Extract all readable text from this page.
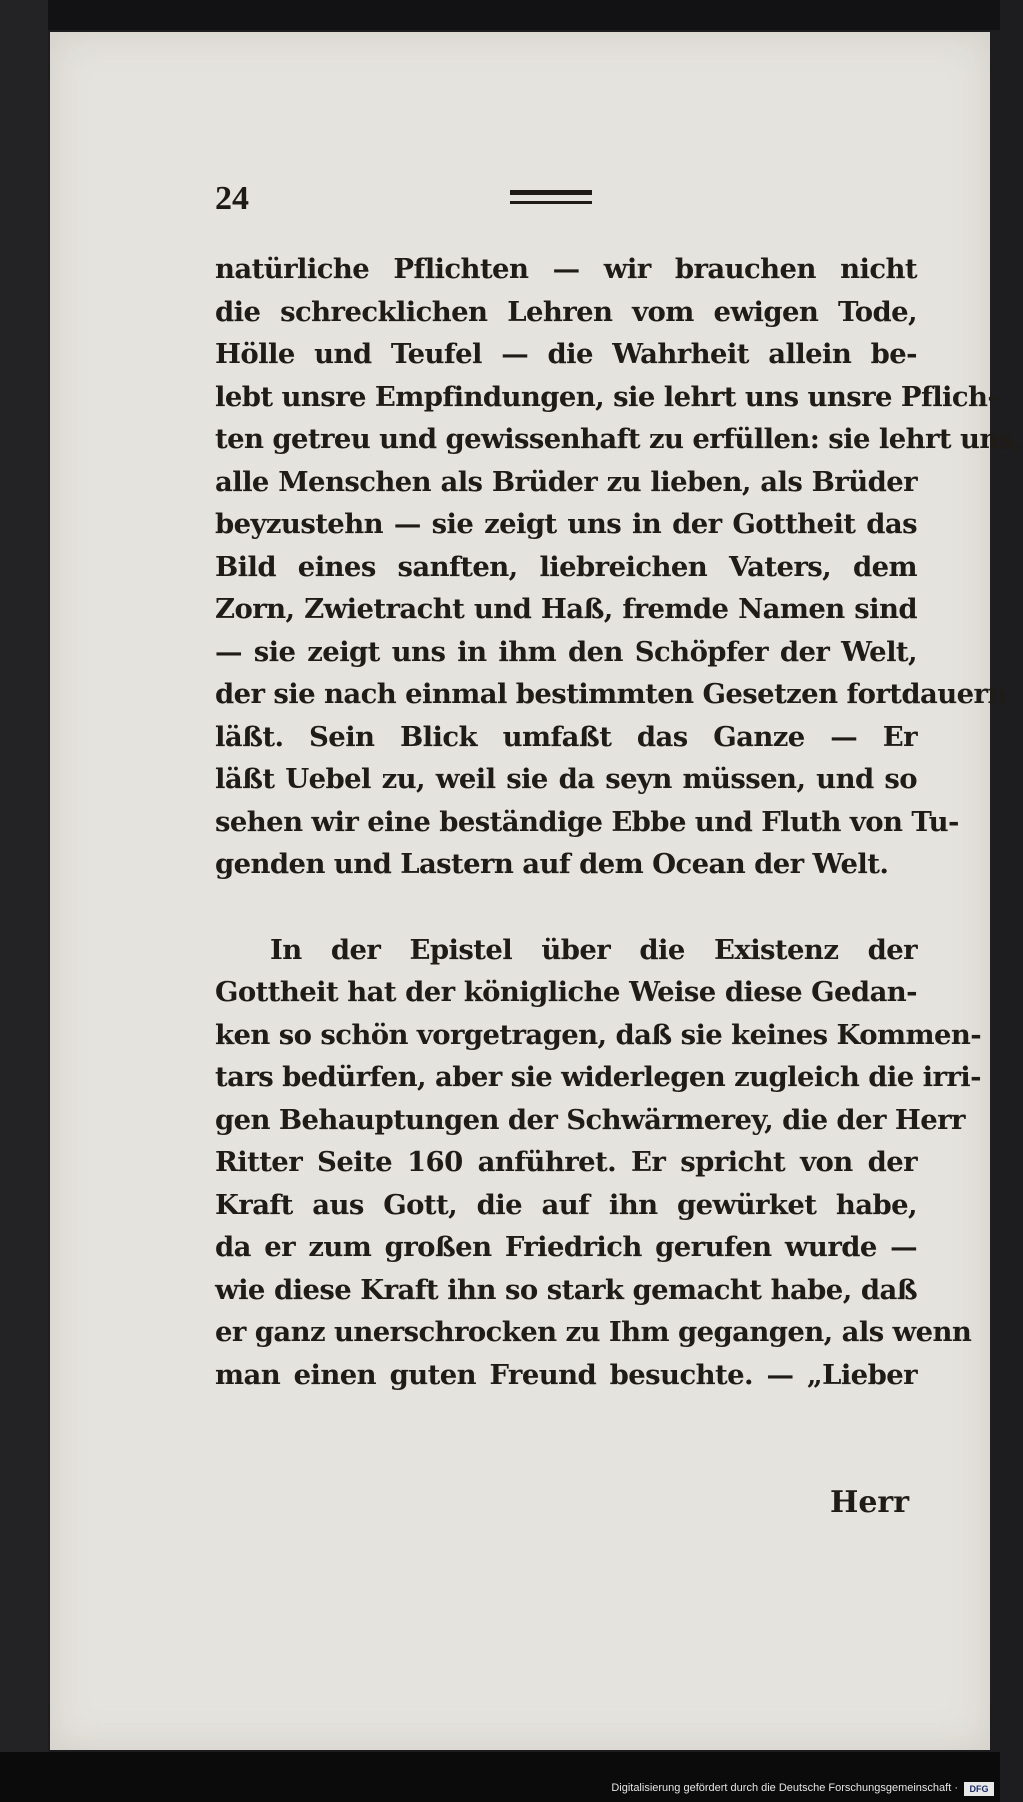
24
natürliche Pflichten — wir brauchen nicht
die schrecklichen Lehren vom ewigen Tode,
Hölle und Teufel — die Wahrheit allein be-
lebt unsre Empfindungen, sie lehrt uns unsre Pflich-
ten getreu und gewissenhaft zu erfüllen: sie lehrt uns,
alle Menschen als Brüder zu lieben, als Brüder
beyzustehn — sie zeigt uns in der Gottheit das
Bild eines sanften, liebreichen Vaters, dem
Zorn, Zwietracht und Haß, fremde Namen sind
— sie zeigt uns in ihm den Schöpfer der Welt,
der sie nach einmal bestimmten Gesetzen fortdauern
läßt. Sein Blick umfaßt das Ganze — Er
läßt Uebel zu, weil sie da seyn müssen, und so
sehen wir eine beständige Ebbe und Fluth von Tu-
genden und Lastern auf dem Ocean der Welt.
In der Epistel über die Existenz der
Gottheit hat der königliche Weise diese Gedan-
ken so schön vorgetragen, daß sie keines Kommen-
tars bedürfen, aber sie widerlegen zugleich die irri-
gen Behauptungen der Schwärmerey, die der Herr
Ritter Seite 160 anführet. Er spricht von der
Kraft aus Gott, die auf ihn gewürket habe,
da er zum großen Friedrich gerufen wurde —
wie diese Kraft ihn so stark gemacht habe, daß
er ganz unerschrocken zu Ihm gegangen, als wenn
man einen guten Freund besuchte. — „Lieber
Herr
Digitalisierung gefördert durch die Deutsche Forschungsgemeinschaft ·	DFG
